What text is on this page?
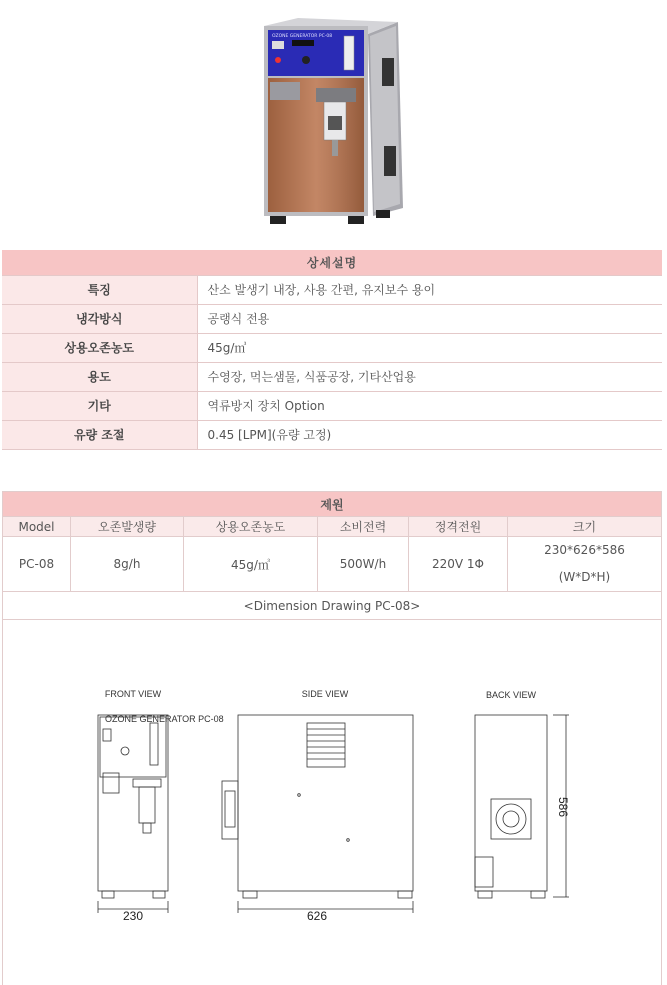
OZONE GENERATOR PC-08
상세설명	
특징	산소 발생기 내장, 사용 간편, 유지보수 용이
냉각방식	공랭식 전용
상용오존농도	45g/㎥
용도	수영장, 먹는샘물, 식품공장, 기타산업용
기타	역류방지 장치 Option
유량 조절	0.45 [LPM](유량 고정)
제원					
Model	오존발생량	상용오존농도	소비전력	정격전원	크기
PC-08	8g/h	45g/㎥	500W/h	220V 1Φ	230*626*586
(W*D*H)

<Dimension Drawing PC-08>					
FRONT VIEW	SIDE VIEW	BACK VIEW
OZONE GENERATOR PC-08
230	626
586
